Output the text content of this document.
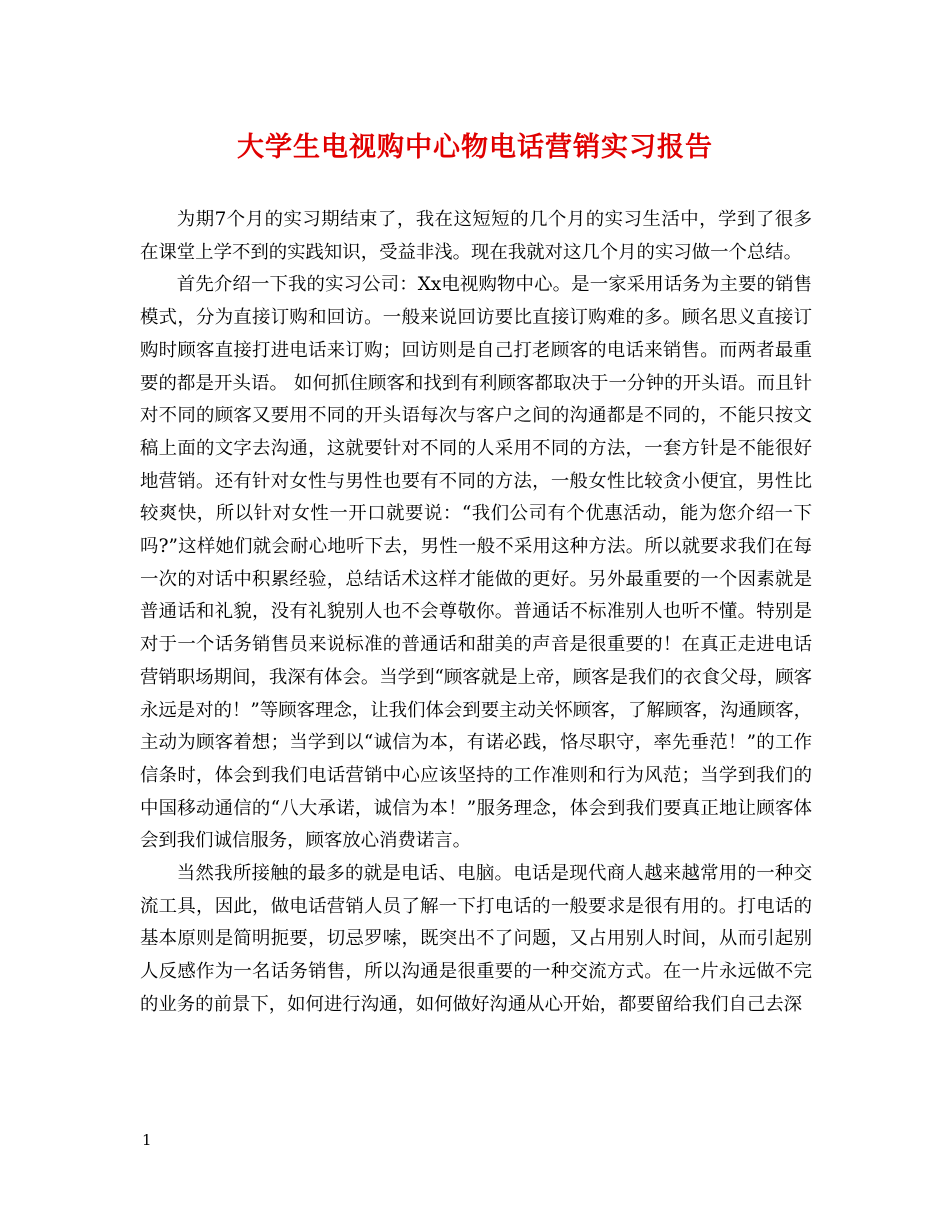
大学生电视购中心物电话营销实习报告

为期7个月的实习期结束了，我在这短短的几个月的实习生活中，学到了很多在课堂上学不到的实践知识，受益非浅。现在我就对这几个月的实习做一个总结。

首先介绍一下我的实习公司：Xx电视购物中心。是一家采用话务为主要的销售模式，分为直接订购和回访。一般来说回访要比直接订购难的多。顾名思义直接订购时顾客直接打进电话来订购；回访则是自己打老顾客的电话来销售。而两者最重要的都是开头语。 如何抓住顾客和找到有利顾客都取决于一分钟的开头语。而且针对不同的顾客又要用不同的开头语每次与客户之间的沟通都是不同的，不能只按文稿上面的文字去沟通，这就要针对不同的人采用不同的方法，一套方针是不能很好地营销。还有针对女性与男性也要有不同的方法，一般女性比较贪小便宜，男性比较爽快，所以针对女性一开口就要说：“我们公司有个优惠活动，能为您介绍一下吗?”这样她们就会耐心地听下去，男性一般不采用这种方法。所以就要求我们在每一次的对话中积累经验，总结话术这样才能做的更好。另外最重要的一个因素就是普通话和礼貌，没有礼貌别人也不会尊敬你。普通话不标准别人也听不懂。特别是对于一个话务销售员来说标准的普通话和甜美的声音是很重要的！在真正走进电话营销职场期间，我深有体会。当学到“顾客就是上帝，顾客是我们的衣食父母，顾客永远是对的！”等顾客理念，让我们体会到要主动关怀顾客，了解顾客，沟通顾客，主动为顾客着想；当学到以“诚信为本，有诺必践，恪尽职守，率先垂范！”的工作信条时，体会到我们电话营销中心应该坚持的工作准则和行为风范；当学到我们的中国移动通信的“八大承诺，诚信为本！”服务理念，体会到我们要真正地让顾客体会到我们诚信服务，顾客放心消费诺言。

当然我所接触的最多的就是电话、电脑。电话是现代商人越来越常用的一种交流工具，因此，做电话营销人员了解一下打电话的一般要求是很有用的。打电话的基本原则是简明扼要，切忌罗嗦，既突出不了问题，又占用别人时间，从而引起别人反感作为一名话务销售，所以沟通是很重要的一种交流方式。在一片永远做不完的业务的前景下，如何进行沟通，如何做好沟通从心开始，都要留给我们自己去深

1
